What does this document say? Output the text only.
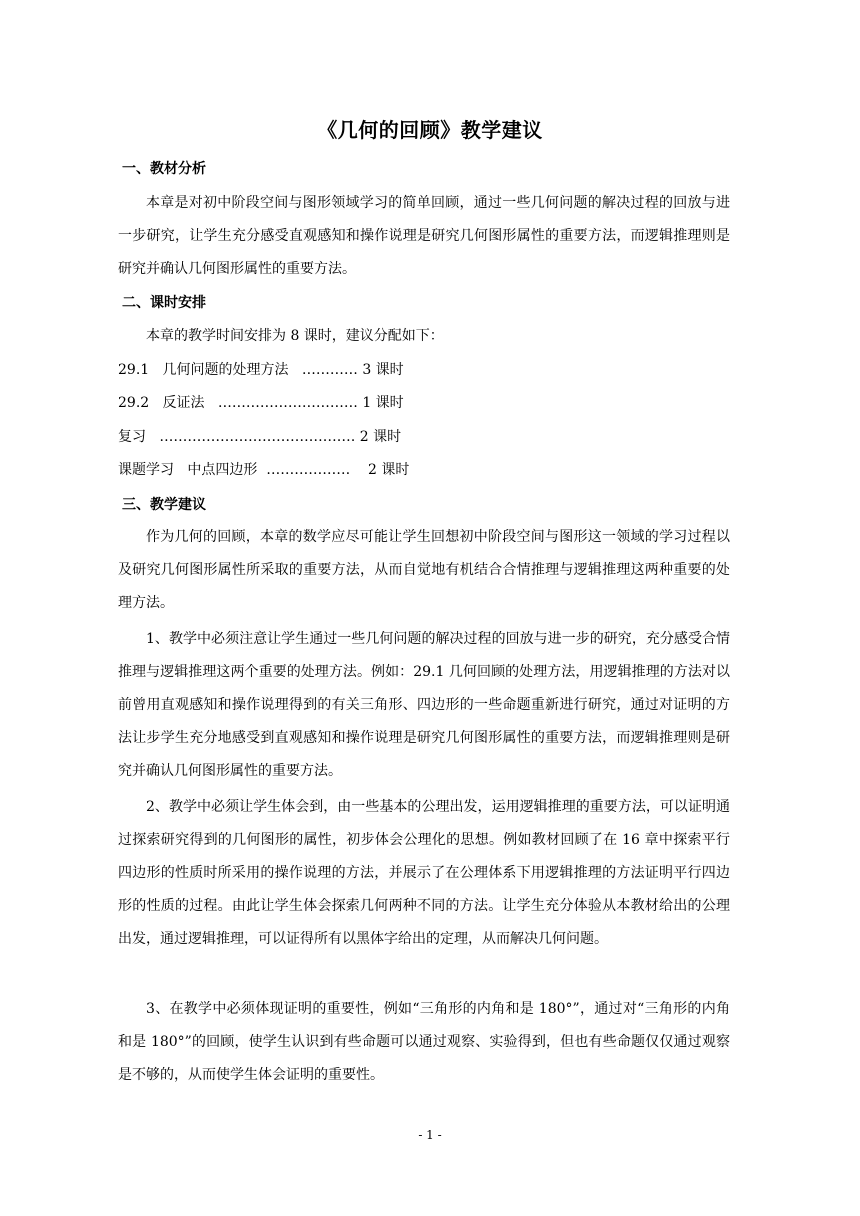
《几何的回顾》教学建议
一、教材分析

本章是对初中阶段空间与图形领域学习的简单回顾，通过一些几何问题的解决过程的回放与进一步研究，让学生充分感受直观感知和操作说理是研究几何图形属性的重要方法，而逻辑推理则是研究并确认几何图形属性的重要方法。

二、课时安排

本章的教学时间安排为 8 课时，建议分配如下：

29.1   几何问题的处理方法   ………… 3 课时
29.2   反证法   ………………………… 1 课时
复习   …………………………………… 2 课时
课题学习   中点四边形  ………………    2 课时
三、教学建议

作为几何的回顾，本章的数学应尽可能让学生回想初中阶段空间与图形这一领域的学习过程以及研究几何图形属性所采取的重要方法，从而自觉地有机结合合情推理与逻辑推理这两种重要的处理方法。

1、教学中必须注意让学生通过一些几何问题的解决过程的回放与进一步的研究，充分感受合情推理与逻辑推理这两个重要的处理方法。例如：29.1 几何回顾的处理方法，用逻辑推理的方法对以前曾用直观感知和操作说理得到的有关三角形、四边形的一些命题重新进行研究，通过对证明的方法让步学生充分地感受到直观感知和操作说理是研究几何图形属性的重要方法，而逻辑推理则是研究并确认几何图形属性的重要方法。

2、教学中必须让学生体会到，由一些基本的公理出发，运用逻辑推理的重要方法，可以证明通过探索研究得到的几何图形的属性，初步体会公理化的思想。例如教材回顾了在 16 章中探索平行四边形的性质时所采用的操作说理的方法，并展示了在公理体系下用逻辑推理的方法证明平行四边形的性质的过程。由此让学生体会探索几何两种不同的方法。让学生充分体验从本教材给出的公理出发，通过逻辑推理，可以证得所有以黑体字给出的定理，从而解决几何问题。

3、在教学中必须体现证明的重要性，例如“三角形的内角和是 180°”，通过对“三角形的内角和是 180°”的回顾，使学生认识到有些命题可以通过观察、实验得到，但也有些命题仅仅通过观察是不够的，从而使学生体会证明的重要性。

- 1 -
